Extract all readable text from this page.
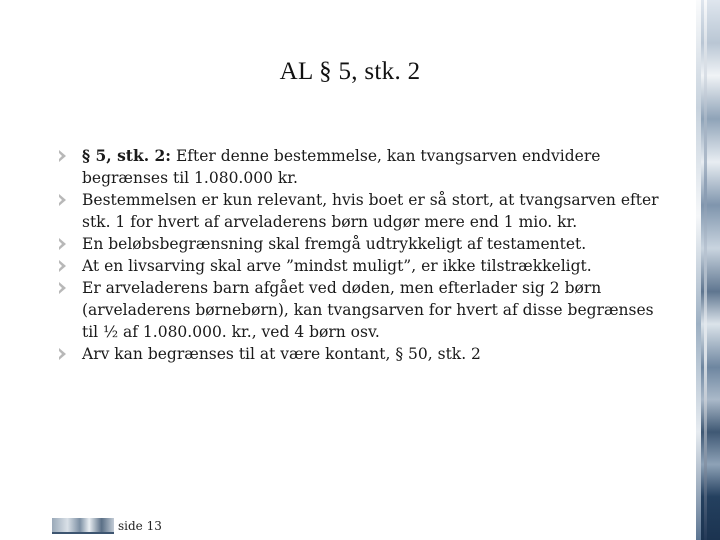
AL § 5, stk. 2
§ 5, stk. 2: Efter denne bestemmelse, kan tvangsarven endvidere begrænses til 1.080.000 kr.
Bestemmelsen er kun relevant, hvis boet er så stort, at tvangsarven efter stk. 1 for hvert af arveladerens børn udgør mere end 1 mio. kr.
En beløbsbegrænsning skal fremgå udtrykkeligt af testamentet.
At en livsarving skal arve ”mindst muligt”, er ikke tilstrækkeligt.
Er arveladerens barn afgået ved døden, men efterlader sig 2 børn (arveladerens børnebørn), kan tvangsarven for hvert af disse begrænses til ½ af 1.080.000. kr., ved 4 børn osv.
Arv kan begrænses til at være kontant, § 50, stk. 2
side 13
